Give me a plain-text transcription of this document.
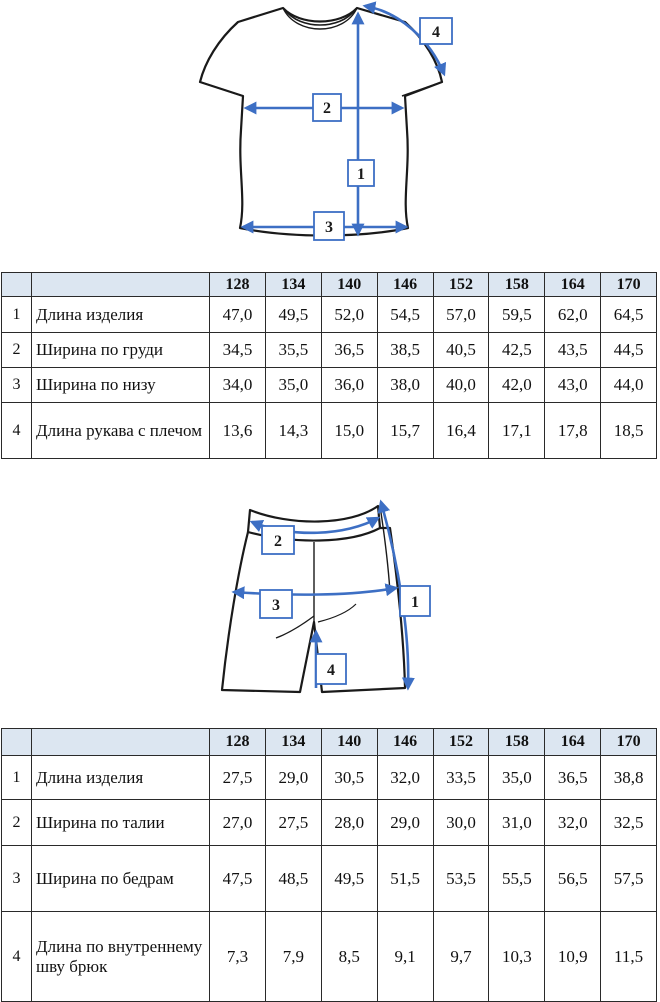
1
2
3
4
		128	134	140	146	152	158	164	170
1	Длина изделия	47,0	49,5	52,0	54,5	57,0	59,5	62,0	64,5
2	Ширина по груди	34,5	35,5	36,5	38,5	40,5	42,5	43,5	44,5
3	Ширина по низу	34,0	35,0	36,0	38,0	40,0	42,0	43,0	44,0
4	Длина рукава с плечом	13,6	14,3	15,0	15,7	16,4	17,1	17,8	18,5
1
2
3
4
		128	134	140	146	152	158	164	170
1	Длина изделия	27,5	29,0	30,5	32,0	33,5	35,0	36,5	38,8
2	Ширина по талии	27,0	27,5	28,0	29,0	30,0	31,0	32,0	32,5
3	Ширина по бедрам	47,5	48,5	49,5	51,5	53,5	55,5	56,5	57,5
4	Длина по внутреннему шву брюк	7,3	7,9	8,5	9,1	9,7	10,3	10,9	11,5
